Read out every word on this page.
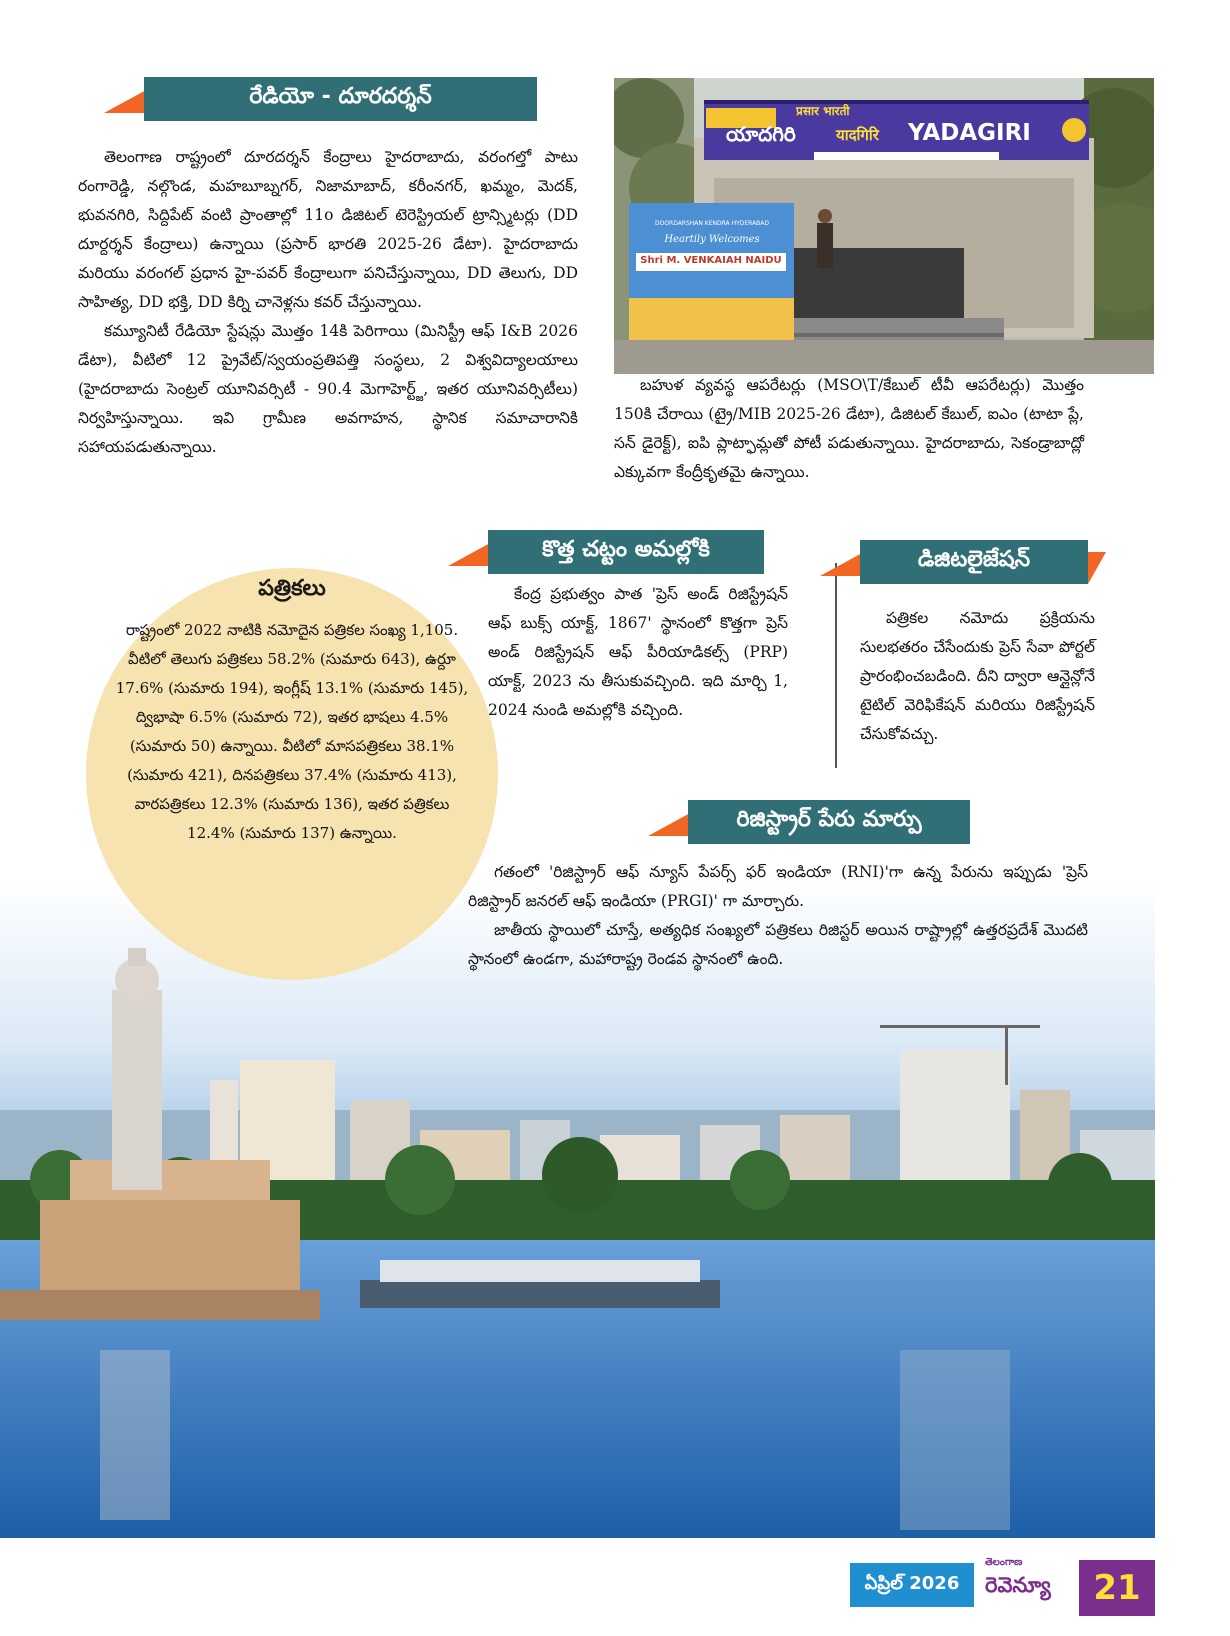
రేడియో - దూరదర్శన్

తెలంగాణ రాష్ట్రంలో దూరదర్శన్ కేంద్రాలు హైదరాబాదు, వరంగల్తో పాటు రంగారెడ్డి, నల్గొండ, మహబూబ్నగర్, నిజామాబాద్, కరీంనగర్, ఖమ్మం, మెదక్, భువనగిరి, సిద్దిపేట్ వంటి ప్రాంతాల్లో 11o డిజిటల్ టెరెస్ట్రియల్ ట్రాన్స్మిటర్లు (DD దూర్దర్శన్ కేంద్రాలు) ఉన్నాయి (ప్రసార్ భారతి 2025-26 డేటా). హైదరాబాదు మరియు వరంగల్ ప్రధాన హై-పవర్ కేంద్రాలుగా పనిచేస్తున్నాయి, DD తెలుగు, DD సాహిత్య, DD భక్తి, DD కిర్ని చానెళ్లను కవర్ చేస్తున్నాయి.

కమ్యూనిటీ రేడియో స్టేషన్లు మొత్తం 14కి పెరిగాయి (మినిస్ట్రీ ఆఫ్ I&B 2026 డేటా), వీటిలో 12 ప్రైవేట్/స్వయంప్రతిపత్తి సంస్థలు, 2 విశ్వవిద్యాలయాలు (హైదరాబాదు సెంట్రల్ యూనివర్సిటీ - 90.4 మెగాహెర్ట్జ్, ఇతర యూనివర్సిటీలు) నిర్వహిస్తున్నాయి. ఇవి గ్రామీణ అవగాహన, స్థానిక సమాచారానికి సహాయపడుతున్నాయి.

प्रसार भारती
యాదగిరి	यादगिरि YADAGIRI
DOORDARSHAN KENDRA HYDERABAD
Heartily Welcomes
Shri M. VENKAIAH NAIDU

బహుళ వ్యవస్థ ఆపరేటర్లు (MSO\T/కేబుల్ టీవీ ఆపరేటర్లు) మొత్తం 150కి చేరాయి (ట్రై/MIB 2025-26 డేటా), డిజిటల్ కేబుల్, ఐఎం (టాటా ప్లే, సన్ డైరెక్ట్), ఐపి ప్లాట్ఫామ్లతో పోటీ పడుతున్నాయి. హైదరాబాదు, సెకండ్రాబాద్లో ఎక్కువగా కేంద్రీకృతమై ఉన్నాయి.

పత్రికలు
రాష్ట్రంలో 2022 నాటికి నమోదైన పత్రికల సంఖ్య 1,105. వీటిలో తెలుగు పత్రికలు 58.2% (సుమారు 643), ఉర్దూ 17.6% (సుమారు 194), ఇంగ్లీష్ 13.1% (సుమారు 145), ద్విభాషా 6.5% (సుమారు 72), ఇతర భాషలు 4.5% (సుమారు 50) ఉన్నాయి. వీటిలో మాసపత్రికలు 38.1% (సుమారు 421), దినపత్రికలు 37.4% (సుమారు 413), వారపత్రికలు 12.3% (సుమారు 136), ఇతర పత్రికలు 12.4% (సుమారు 137) ఉన్నాయి.
కొత్త చట్టం అమల్లోకి

కేంద్ర ప్రభుత్వం పాత 'ప్రెస్ అండ్ రిజిస్ట్రేషన్ ఆఫ్ బుక్స్ యాక్ట్, 1867' స్థానంలో కొత్తగా ప్రెస్ అండ్ రిజిస్ట్రేషన్ ఆఫ్ పీరియాడికల్స్ (PRP) యాక్ట్, 2023 ను తీసుకువచ్చింది. ఇది మార్చి 1, 2024 నుండి అమల్లోకి వచ్చింది.

డిజిటలైజేషన్

పత్రికల నమోదు ప్రక్రియను సులభతరం చేసేందుకు ప్రెస్ సేవా పోర్టల్ ప్రారంభించబడింది. దీని ద్వారా ఆన్లైన్లోనే టైటిల్ వెరిఫికేషన్ మరియు రిజిస్ట్రేషన్ చేసుకోవచ్చు.

రిజిస్ట్రార్ పేరు మార్పు

గతంలో 'రిజిస్ట్రార్ ఆఫ్ న్యూస్ పేపర్స్ ఫర్ ఇండియా (RNI)'గా ఉన్న పేరును ఇప్పుడు 'ప్రెస్ రిజిస్ట్రార్ జనరల్ ఆఫ్ ఇండియా (PRGI)' గా మార్చారు.

జాతీయ స్థాయిలో చూస్తే, అత్యధిక సంఖ్యలో పత్రికలు రిజిస్టర్ అయిన రాష్ట్రాల్లో ఉత్తరప్రదేశ్ మొదటి స్థానంలో ఉండగా, మహారాష్ట్ర రెండవ స్థానంలో ఉంది.

ఏప్రిల్ 2026
తెలంగాణ
రెవెన్యూ	21
